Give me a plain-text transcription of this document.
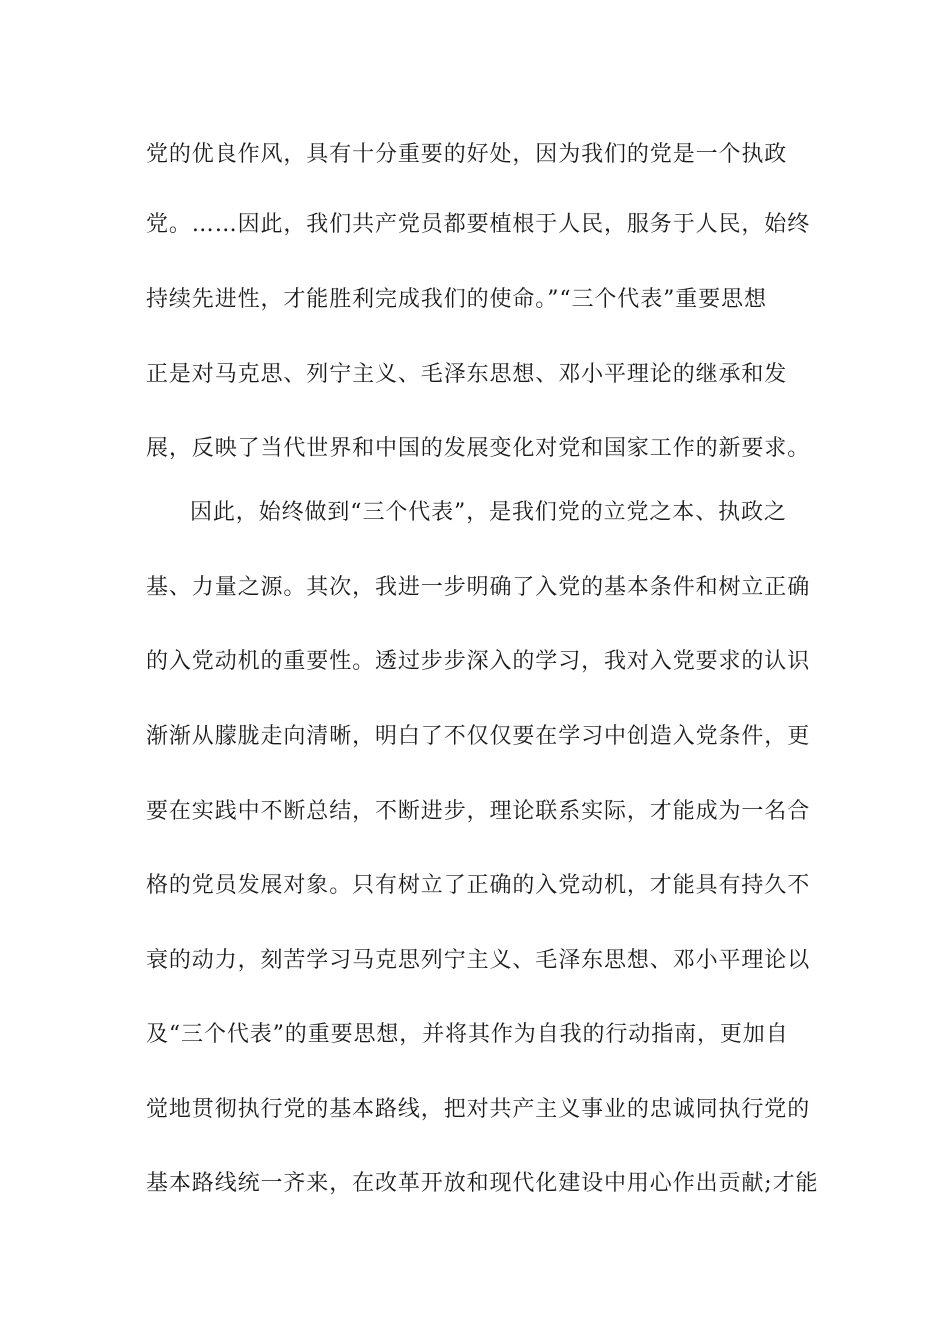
党的优良作风，具有十分重要的好处，因为我们的党是一个执政
党。……因此，我们共产党员都要植根于人民，服务于人民，始终
持续先进性，才能胜利完成我们的使命。”“三个代表”重要思想
正是对马克思、列宁主义、毛泽东思想、邓小平理论的继承和发
展，反映了当代世界和中国的发展变化对党和国家工作的新要求。
因此，始终做到“三个代表”，是我们党的立党之本、执政之
基、力量之源。其次，我进一步明确了入党的基本条件和树立正确
的入党动机的重要性。透过步步深入的学习，我对入党要求的认识
渐渐从朦胧走向清晰，明白了不仅仅要在学习中创造入党条件，更
要在实践中不断总结，不断进步，理论联系实际，才能成为一名合
格的党员发展对象。只有树立了正确的入党动机，才能具有持久不
衰的动力，刻苦学习马克思列宁主义、毛泽东思想、邓小平理论以
及“三个代表”的重要思想，并将其作为自我的行动指南，更加自
觉地贯彻执行党的基本路线，把对共产主义事业的忠诚同执行党的
基本路线统一齐来，在改革开放和现代化建设中用心作出贡献;才能
